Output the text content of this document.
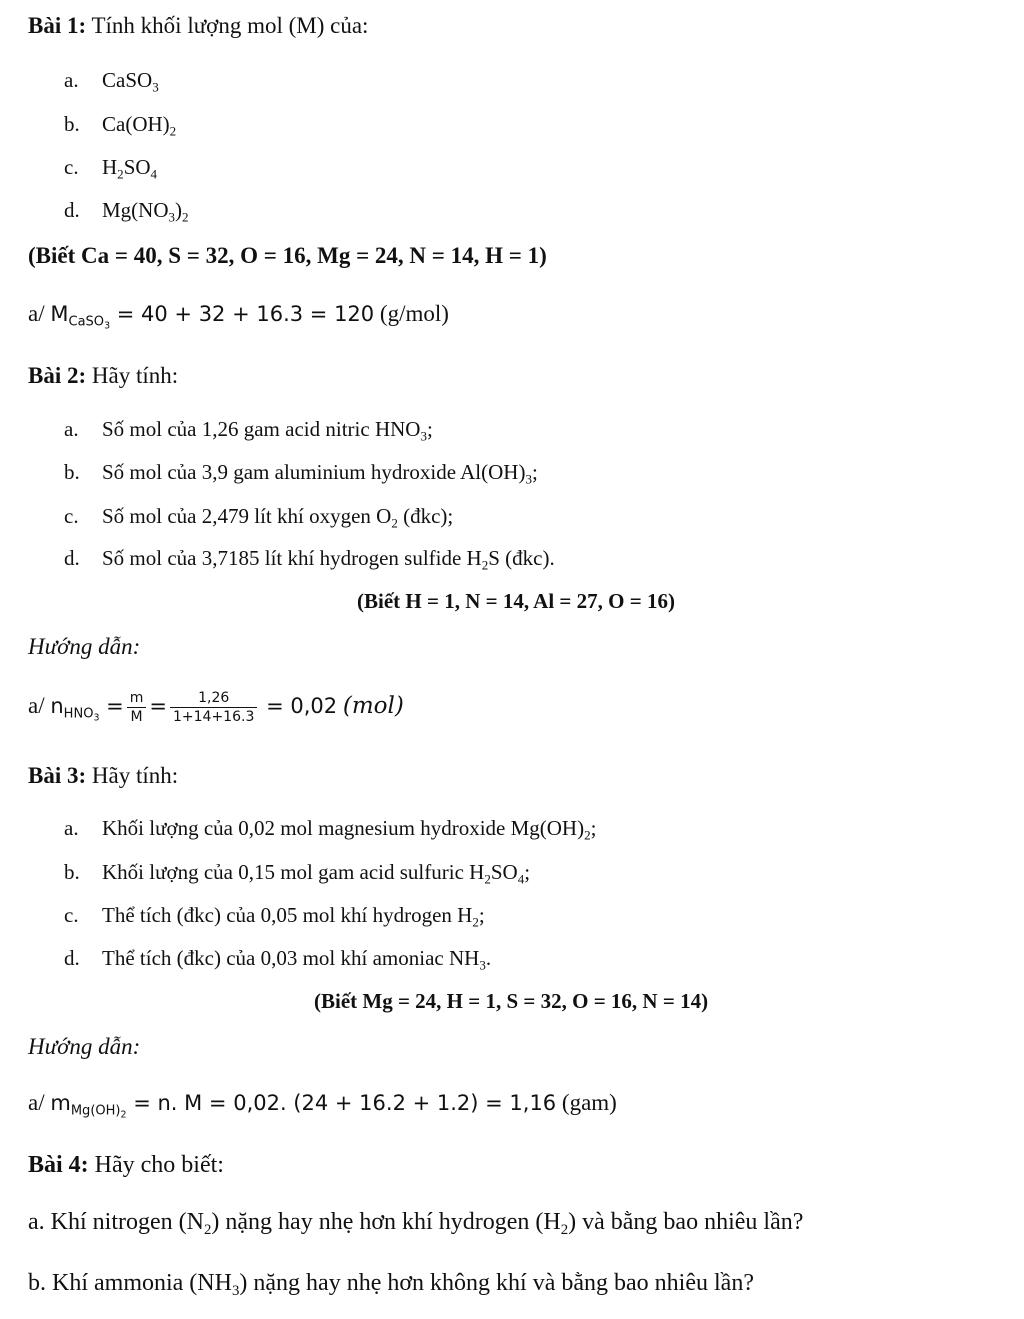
Bài 1: Tính khối lượng mol (M) của:
a. CaSO$_3$
b. $Ca(OH)_2$
c. $H_2SO_4$
d. $Mg(NO_3)_2$
(Biết Ca = 40, S = 32, O = 16, Mg = 24, N = 14, H = 1)
a/ $M_{CaSO3} = 40 + 32 + 16.3 = 120$ (g/mol)
Bài 2: Hãy tính:
a. Số mol của 1,26 gam acid nitric $HNO_3$;
b. Số mol của 3,9 gam aluminium hydroxide $Al(OH)_3$;
c. Số mol của 2,479 lít khí oxygen $O_2$ (đkc);
d. Số mol của 3,7185 lít khí hydrogen sulfide $H_2S$ (đkc).
(Biết H = 1, N = 14, Al = 27, O = 16)
Hướng dẫn:
a/ $n_{HNO3} = \frac{m}{M} = \frac{1,26}{1+14+16.3} = 0,02$ (mol)
Bài 3: Hãy tính:
a. Khối lượng của 0,02 mol magnesium hydroxide $Mg(OH)_2$;
b. Khối lượng của 0,15 mol gam acid sulfuric $H_2SO_4$;
c. Thể tích (đkc) của 0,05 mol khí hydrogen $H_2$;
d. Thể tích (đkc) của 0,03 mol khí amoniac $NH_3$.
(Biết Mg = 24, H = 1, S = 32, O = 16, N = 14)
Hướng dẫn:
a/ $m_{Mg(OH)2} = n$. M = 0,02. (24 + 16.2 + 1.2) = 1,16 (gam)
Bài 4: Hãy cho biết:
a. Khí nitrogen $(N_2)$ nặng hay nhẹ hơn khí hydrogen $(H_2)$ và bằng bao nhiêu lần?
b. Khí ammonia $(NH_3)$ nặng hay nhẹ hơn không khí và bằng bao nhiêu lần?
